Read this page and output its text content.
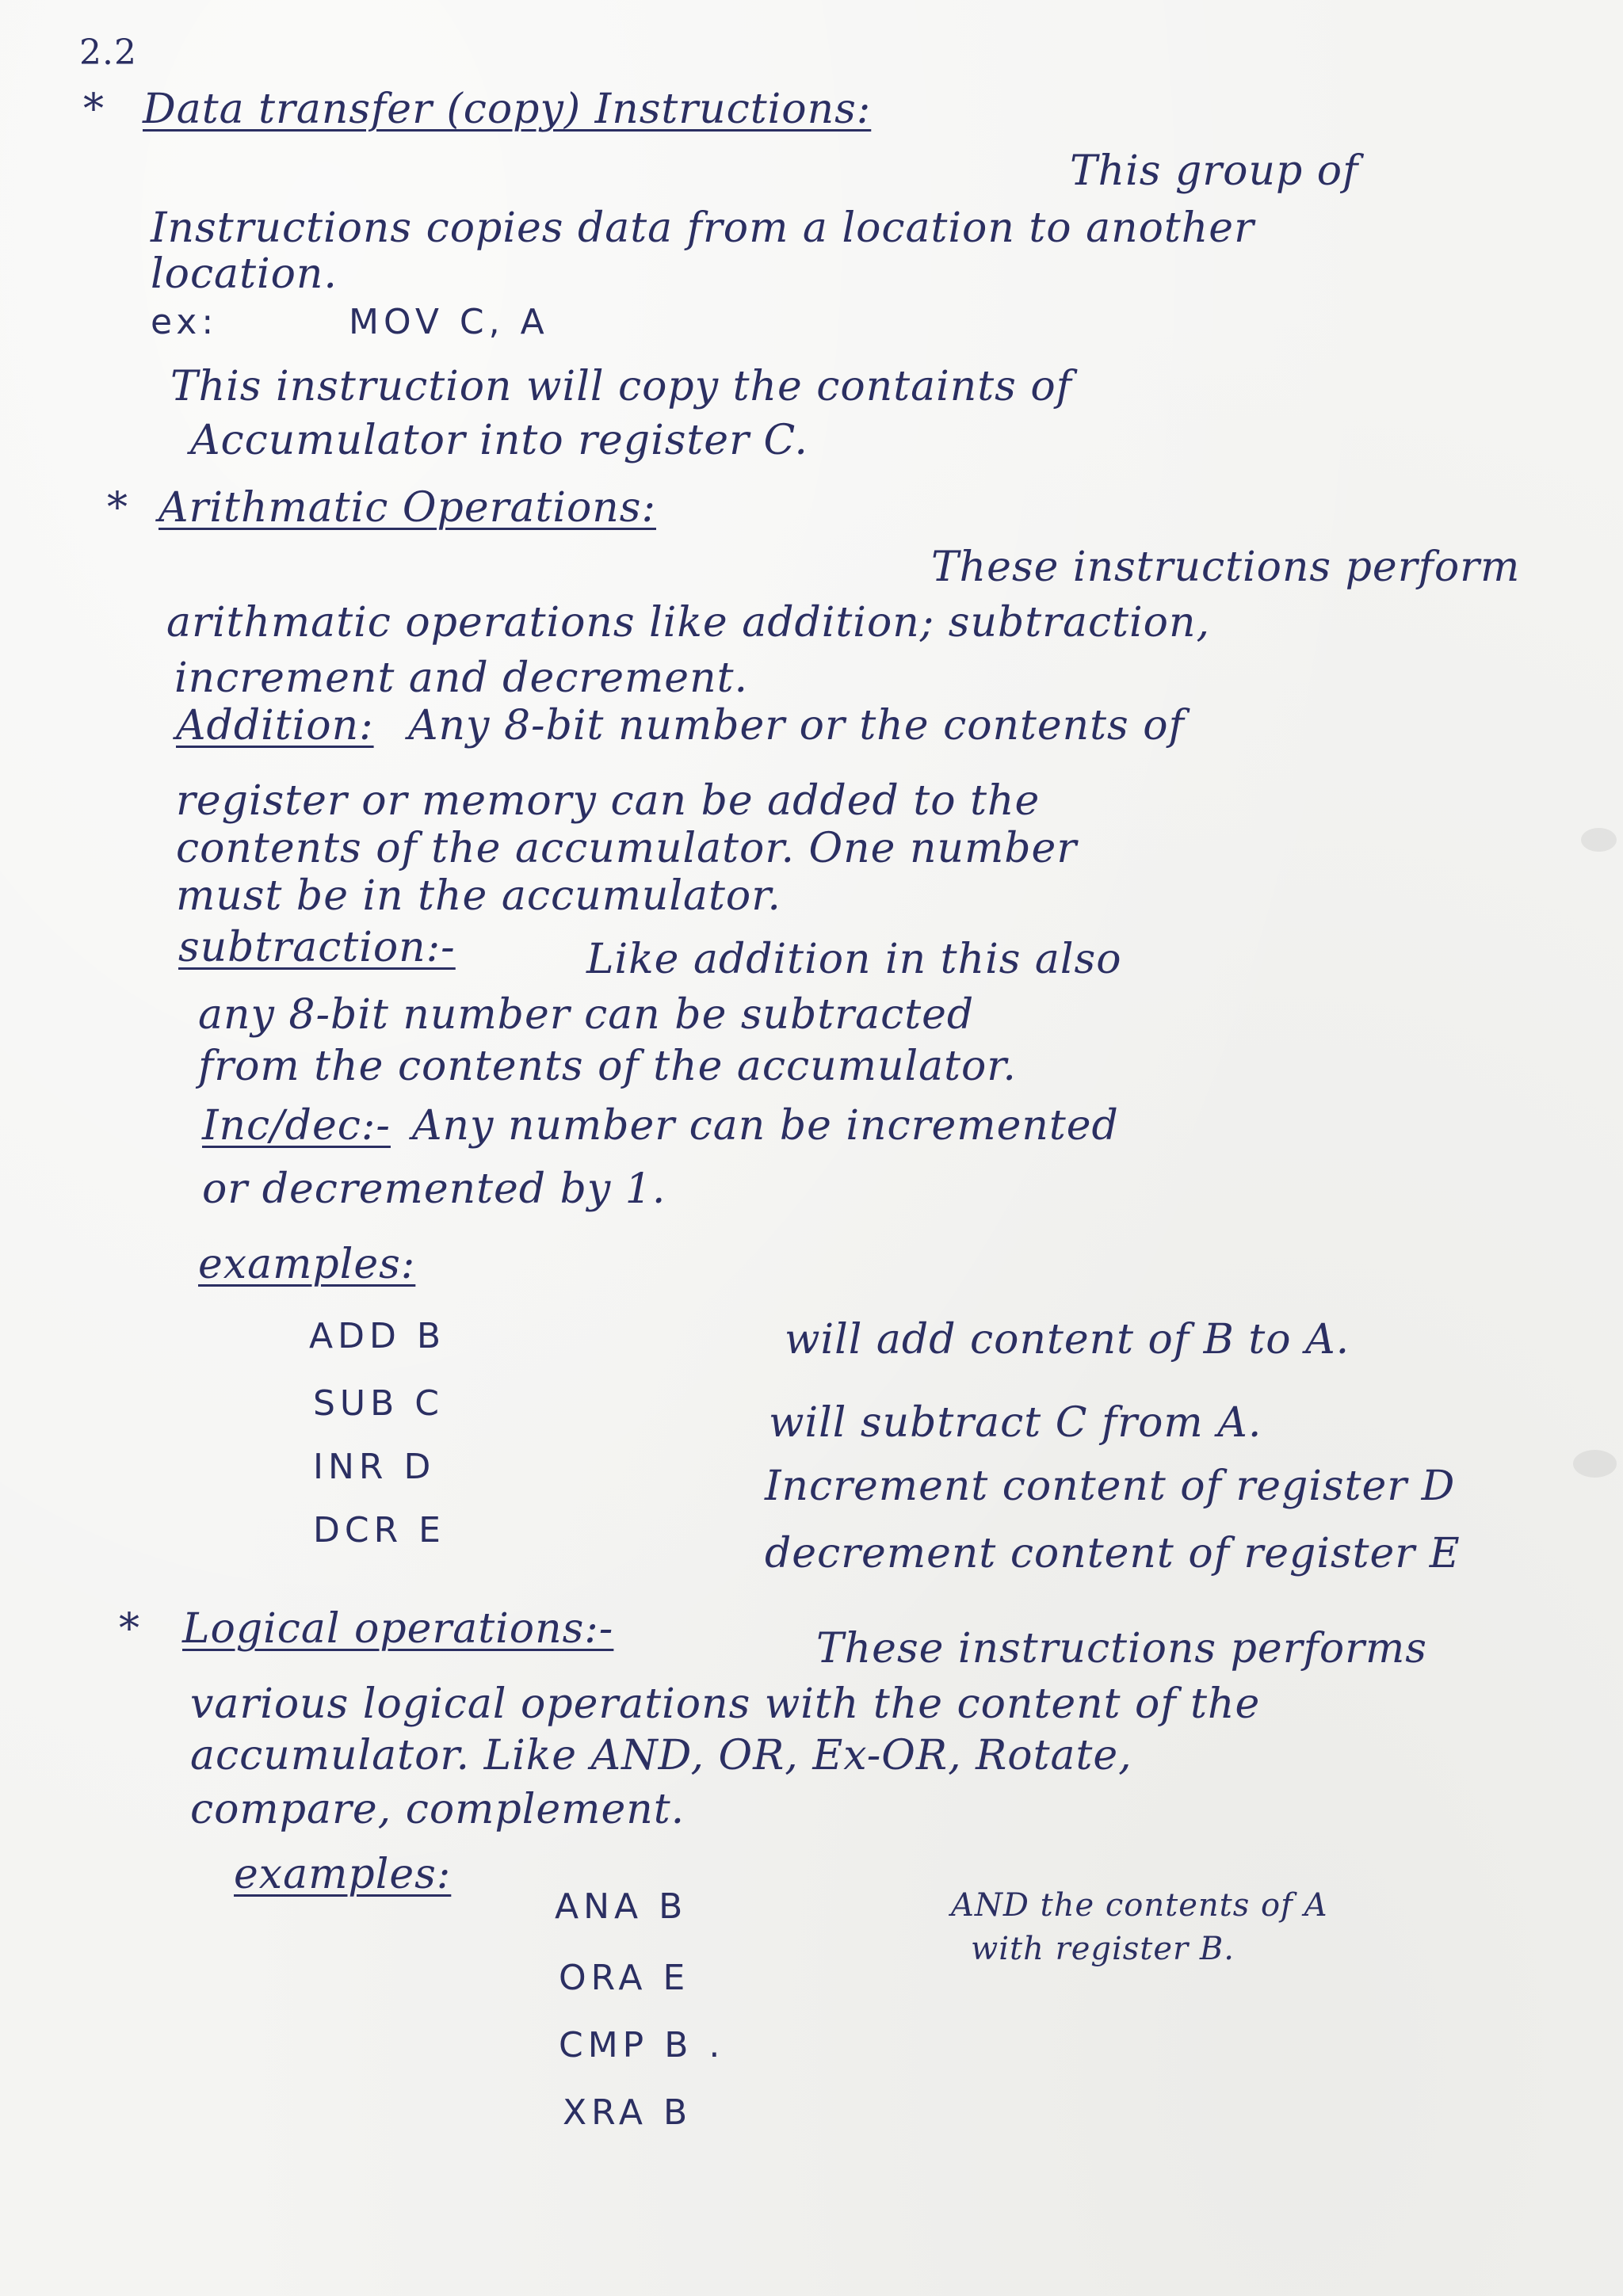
2.2
* Data transfer (copy) Instructions:
This group of
Instructions copies data from a location to another
location.
ex:	MOV C, A
This instruction will copy the containts of
Accumulator into register C.
* Arithmatic Operations:
These instructions perform
arithmatic operations like addition; subtraction,
increment and decrement.
Addition: Any 8-bit number or the contents of
register or memory can be added to the
contents of the accumulator. One number
must be in the accumulator.
subtraction:-	Like addition in this also
any 8-bit number can be subtracted
from the contents of the accumulator.
Inc/dec:- Any number can be incremented
or decremented by 1.
examples:
ADD B	will add content of B to A.
SUB C	will subtract C from A.
INR D	Increment content of register D
DCR E	decrement content of register E
* Logical operations:-	These instructions performs
various logical operations with the content of the
accumulator. Like AND, OR, Ex-OR, Rotate,
compare, complement.
examples:
ANA B	AND the contents of A
with register B.
ORA E
CMP B .
XRA B
